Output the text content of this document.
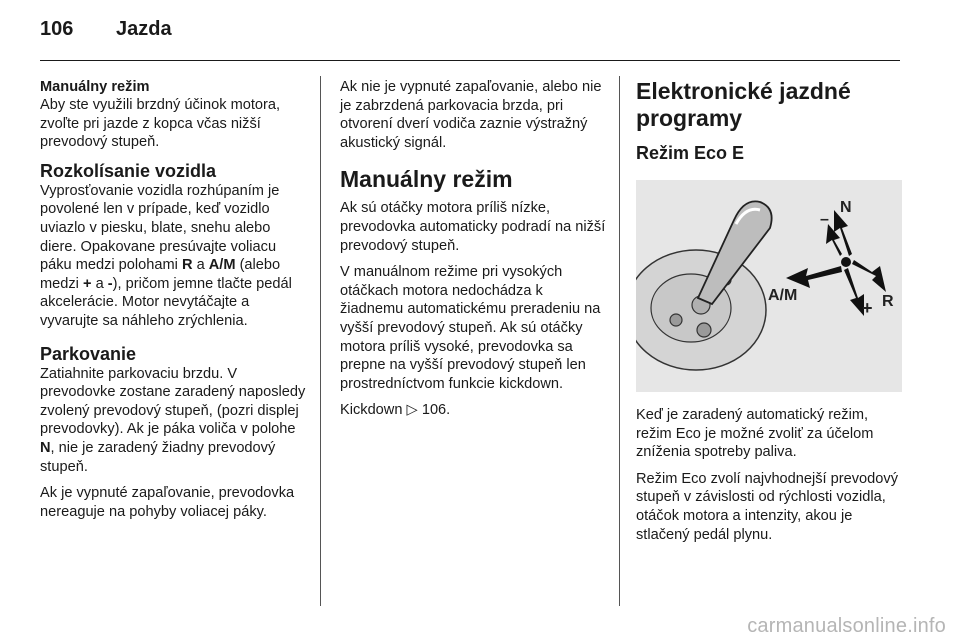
106	Jazda
Manuálny režim

Aby ste využili brzdný účinok motora, zvoľte pri jazde z kopca včas nižší prevodový stupeň.

Rozkolísanie vozidla

Vyprosťovanie vozidla rozhúpaním je povolené len v prípade, keď vozidlo uviazlo v piesku, blate, snehu alebo diere. Opakovane presúvajte voliacu páku medzi polohami R a A/M (alebo medzi + a -), pričom jemne tlačte pedál akcelerácie. Motor nevytáčajte a vyvarujte sa náhleho zrýchlenia.

Parkovanie

Zatiahnite parkovaciu brzdu. V prevodovke zostane zaradený naposledy zvolený prevodový stupeň, (pozri displej prevodovky). Ak je páka voliča v polohe N, nie je zaradený žiadny prevodový stupeň.

Ak je vypnuté zapaľovanie, prevodovka nereaguje na pohyby voliacej páky.

Ak nie je vypnuté zapaľovanie, alebo nie je zabrzdená parkovacia brzda, pri otvorení dverí vodiča zaznie výstražný akustický signál.

Manuálny režim

Ak sú otáčky motora príliš nízke, prevodovka automaticky podradí na nižší prevodový stupeň.

V manuálnom režime pri vysokých otáčkach motora nedochádza k žiadnemu automatickému preradeniu na vyšší prevodový stupeň. Ak sú otáčky motora príliš vysoké, prevodovka sa prepne na vyšší prevodový stupeň len prostredníctvom funkcie kickdown.

Kickdown ▷ 106.

Elektronické jazdné programy
Režim Eco E
–
N
A/M
+ R

Keď je zaradený automatický režim, režim Eco je možné zvoliť za účelom zníženia spotreby paliva.

Režim Eco zvolí najvhodnejší prevodový stupeň v závislosti od rýchlosti vozidla, otáčok motora a intenzity, akou je stlačený pedál plynu.

carmanualsonline.info
